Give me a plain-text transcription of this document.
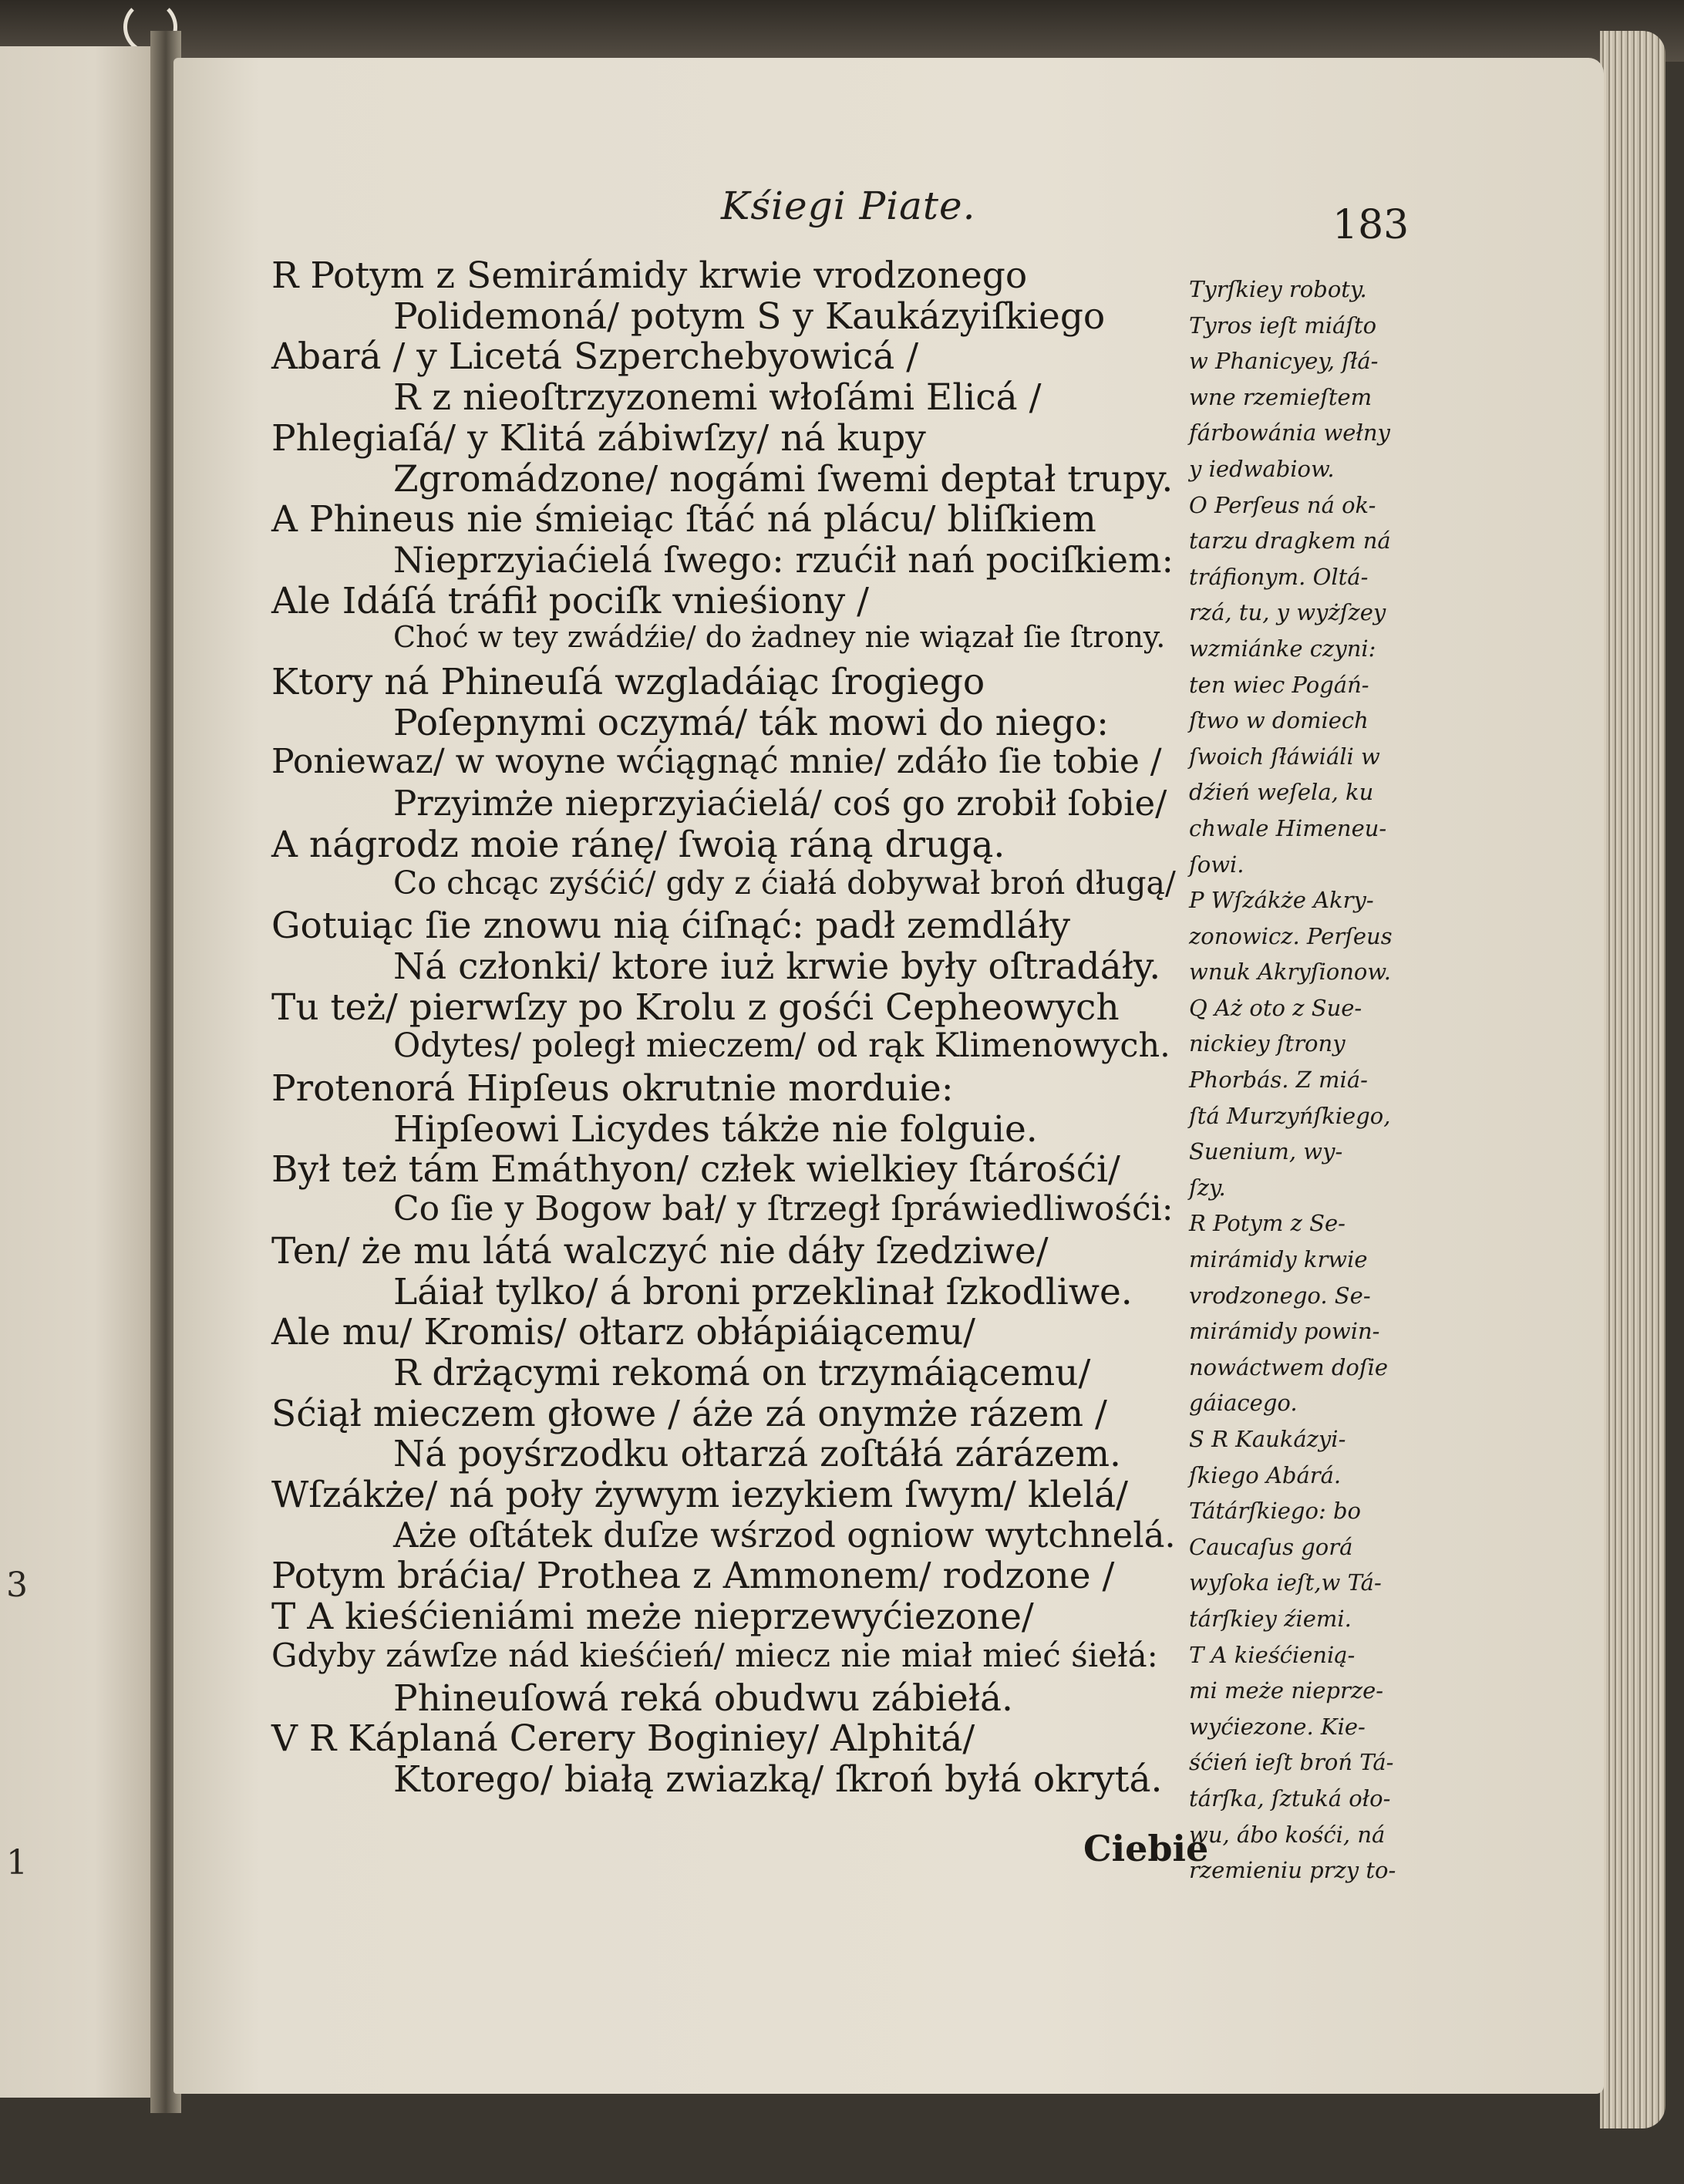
3
1
Kśiegi Piate.	183
R Potym z Semirámidy krwie vrodzonego
Polidemoná/ potym S y Kaukázyiſkiego
Abará / y Licetá Szperchebyowicá /
R z nieoſtrzyzonemi włoſámi Elicá /
Phlegiaſá/ y Klitá zábiwſzy/ ná kupy
Zgromádzone/ nogámi ſwemi deptał trupy.
A Phineus nie śmieiąc ſtáć ná plácu/ bliſkiem
Nieprzyiaćielá ſwego: rzućił nań pociſkiem:
Ale Idáſá tráfił pociſk vnieśiony /
Choć w tey zwádźie/ do żadney nie wiązał ſie ſtrony.
Ktory ná Phineuſá wzgladáiąc ſrogiego
Poſepnymi oczymá/ ták mowi do niego:
Poniewaz/ w woyne wćiągnąć mnie/ zdáło ſie tobie /
Przyimże nieprzyiaćielá/ coś go zrobił ſobie/
A nágrodz moie ránę/ ſwoią ráną drugą.
Co chcąc zyśćić/ gdy z ćiałá dobywał broń długą/
Gotuiąc ſie znowu nią ćiſnąć: padł zemdláły
Ná członki/ ktore iuż krwie były oſtradáły.
Tu też/ pierwſzy po Krolu z gośći Cepheowych
Odytes/ poległ mieczem/ od rąk Klimenowych.
Protenorá Hipſeus okrutnie morduie:
Hipſeowi Licydes tákże nie folguie.
Był też tám Emáthyon/ człek wielkiey ſtárośći/
Co ſie y Bogow bał/ y ſtrzegł ſpráwiedliwośći:
Ten/ że mu látá walczyć nie dáły ſzedziwe/
Láiał tylko/ á broni przeklinał ſzkodliwe.
Ale mu/ Kromis/ ołtarz obłápiáiącemu/
R drżącymi rekomá on trzymáiącemu/
Sćiął mieczem głowe / áże zá onymże rázem /
Ná poyśrzodku ołtarzá zoſtáłá zárázem.
Wſzákże/ ná poły żywym iezykiem ſwym/ klelá/
Aże oſtátek duſze wśrzod ogniow wytchnelá.
Potym bráćia/ Prothea z Ammonem/ rodzone /
T A kieśćieniámi meże nieprzewyćiezone/
Gdyby záwſze nád kieśćień/ miecz nie miał mieć śiełá:
Phineuſowá reká obudwu zábiełá.
V R Káplaná Cerery Boginiey/ Alphitá/
Ktorego/ białą zwiazką/ ſkroń byłá okrytá.
Tyrſkiey roboty.
Tyros ieſt miáſto
w Phanicyey, ſłá-
wne rzemieſtem
fárbowánia wełny
y iedwabiow.
O Perſeus ná ok-
tarzu dragkem ná
tráfionym. Oltá-
rzá, tu, y wyżſzey
wzmiánke czyni:
ten wiec Pogáń-
ſtwo w domiech
ſwoich ſłáwiáli w
dźień weſela, ku
chwale Himeneu-
ſowi.
P Wſzákże Akry-
zonowicz. Perſeus
wnuk Akryſionow.
Q Aż oto z Sue-
nickiey ſtrony
Phorbás. Z miá-
ſtá Murzyńſkiego,
Suenium, wy-
ſzy.
R Potym z Se-
mirámidy krwie
vrodzonego. Se-
mirámidy powin-
nowáctwem doſie
gáiacego.
S R Kaukázyi-
ſkiego Abárá.
Tátárſkiego: bo
Caucaſus gorá
wyſoka ieſt,w Tá-
tárſkiey źiemi.
T A kieśćienią-
mi meże nieprze-
wyćiezone. Kie-
śćień ieſt broń Tá-
tárſka, ſztuká oło-
wu, ábo kośći, ná
rzemieniu przy to-
Ciebie
